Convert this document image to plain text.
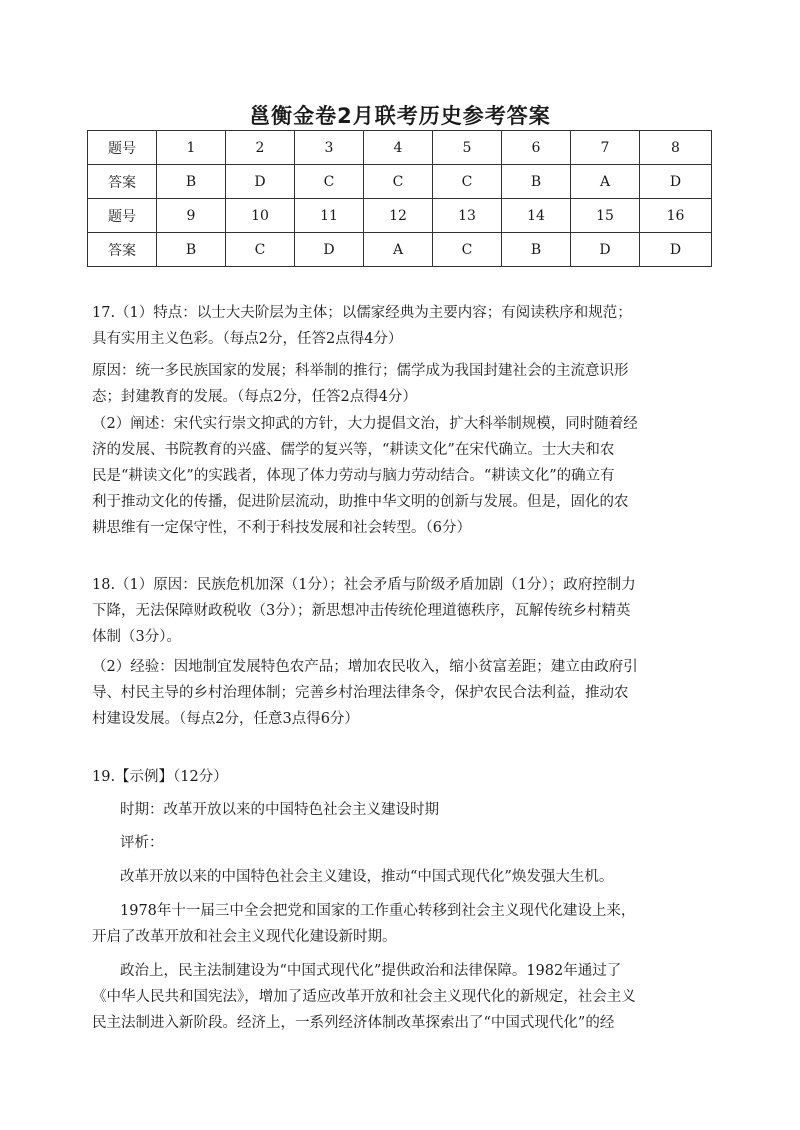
邕衡金卷2月联考历史参考答案
题号	1	2	3	4	5	6	7	8
答案	B	D	C	C	C	B	A	D
题号	9	10	11	12	13	14	15	16
答案	B	C	D	A	C	B	D	D
17.（1）特点：以士大夫阶层为主体；以儒家经典为主要内容；有阅读秩序和规范；
具有实用主义色彩。（每点2分，任答2点得4分）
原因：统一多民族国家的发展；科举制的推行；儒学成为我国封建社会的主流意识形
态；封建教育的发展。（每点2分，任答2点得4分）
（2）阐述：宋代实行崇文抑武的方针，大力提倡文治，扩大科举制规模，同时随着经
济的发展、书院教育的兴盛、儒学的复兴等，“耕读文化”在宋代确立。士大夫和农
民是“耕读文化”的实践者，体现了体力劳动与脑力劳动结合。“耕读文化”的确立有
利于推动文化的传播，促进阶层流动，助推中华文明的创新与发展。但是，固化的农
耕思维有一定保守性，不利于科技发展和社会转型。（6分）
18.（1）原因：民族危机加深（1分）；社会矛盾与阶级矛盾加剧（1分）；政府控制力
下降，无法保障财政税收（3分）；新思想冲击传统伦理道德秩序，瓦解传统乡村精英
体制（3分）。
（2）经验：因地制宜发展特色农产品；增加农民收入，缩小贫富差距；建立由政府引
导、村民主导的乡村治理体制；完善乡村治理法律条令，保护农民合法利益，推动农
村建设发展。（每点2分，任意3点得6分）
19.【示例】（12分）
时期：改革开放以来的中国特色社会主义建设时期
评析：
改革开放以来的中国特色社会主义建设，推动“中国式现代化”焕发强大生机。
1978年十一届三中全会把党和国家的工作重心转移到社会主义现代化建设上来，
开启了改革开放和社会主义现代化建设新时期。
政治上，民主法制建设为“中国式现代化”提供政治和法律保障。1982年通过了
《中华人民共和国宪法》，增加了适应改革开放和社会主义现代化的新规定，社会主义
民主法制进入新阶段。经济上，一系列经济体制改革探索出了“中国式现代化”的经
